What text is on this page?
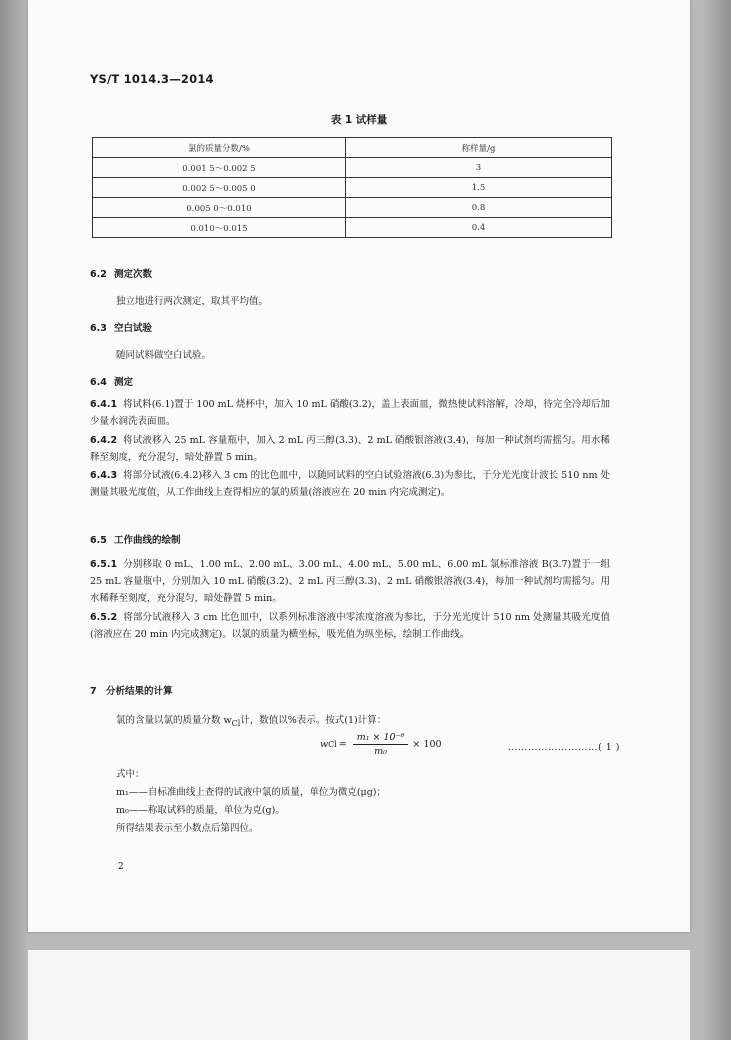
YS/T 1014.3—2014
表 1 试样量
氯的质量分数/%	称样量/g
0.001 5～0.002 5	3
0.002 5～0.005 0	1.5
0.005 0～0.010	0.8
0.010～0.015	0.4
6.2 测定次数
独立地进行两次测定，取其平均值。
6.3 空白试验
随同试料做空白试验。
6.4 测定
6.4.1 将试料(6.1)置于 100 mL 烧杯中，加入 10 mL 硝酸(3.2)，盖上表面皿，微热使试料溶解，冷却，待完全冷却后加少量水润洗表面皿。
6.4.2 将试液移入 25 mL 容量瓶中，加入 2 mL 丙三醇(3.3)、2 mL 硝酸银溶液(3.4)，每加一种试剂均需摇匀。用水稀释至刻度，充分混匀，暗处静置 5 min。
6.4.3 将部分试液(6.4.2)移入 3 cm 的比色皿中，以随同试料的空白试验溶液(6.3)为参比，于分光光度计波长 510 nm 处测量其吸光度值，从工作曲线上查得相应的氯的质量(溶液应在 20 min 内完成测定)。
6.5 工作曲线的绘制
6.5.1 分别移取 0 mL、1.00 mL、2.00 mL、3.00 mL、4.00 mL、5.00 mL、6.00 mL 氯标准溶液 B(3.7)置于一组 25 mL 容量瓶中，分别加入 10 mL 硝酸(3.2)、2 mL 丙三醇(3.3)、2 mL 硝酸银溶液(3.4)，每加一种试剂均需摇匀。用水稀释至刻度，充分混匀，暗处静置 5 min。
6.5.2 将部分试液移入 3 cm 比色皿中，以系列标准溶液中零浓度溶液为参比，于分光光度计 510 nm 处测量其吸光度值(溶液应在 20 min 内完成测定)。以氯的质量为横坐标，吸光值为纵坐标，绘制工作曲线。
7 分析结果的计算
氯的含量以氯的质量分数 $w_{Cl}$计，数值以%表示。按式(1)计算：
w $Cl = \frac{\text{m₁ × 10⁻⁶}}{\text{m₀}} \times 100$	………………………( 1 )
式中：
m₁——自标准曲线上查得的试液中氯的质量，单位为微克(μg)；
m₀——称取试料的质量，单位为克(g)。
所得结果表示至小数点后第四位。
2
